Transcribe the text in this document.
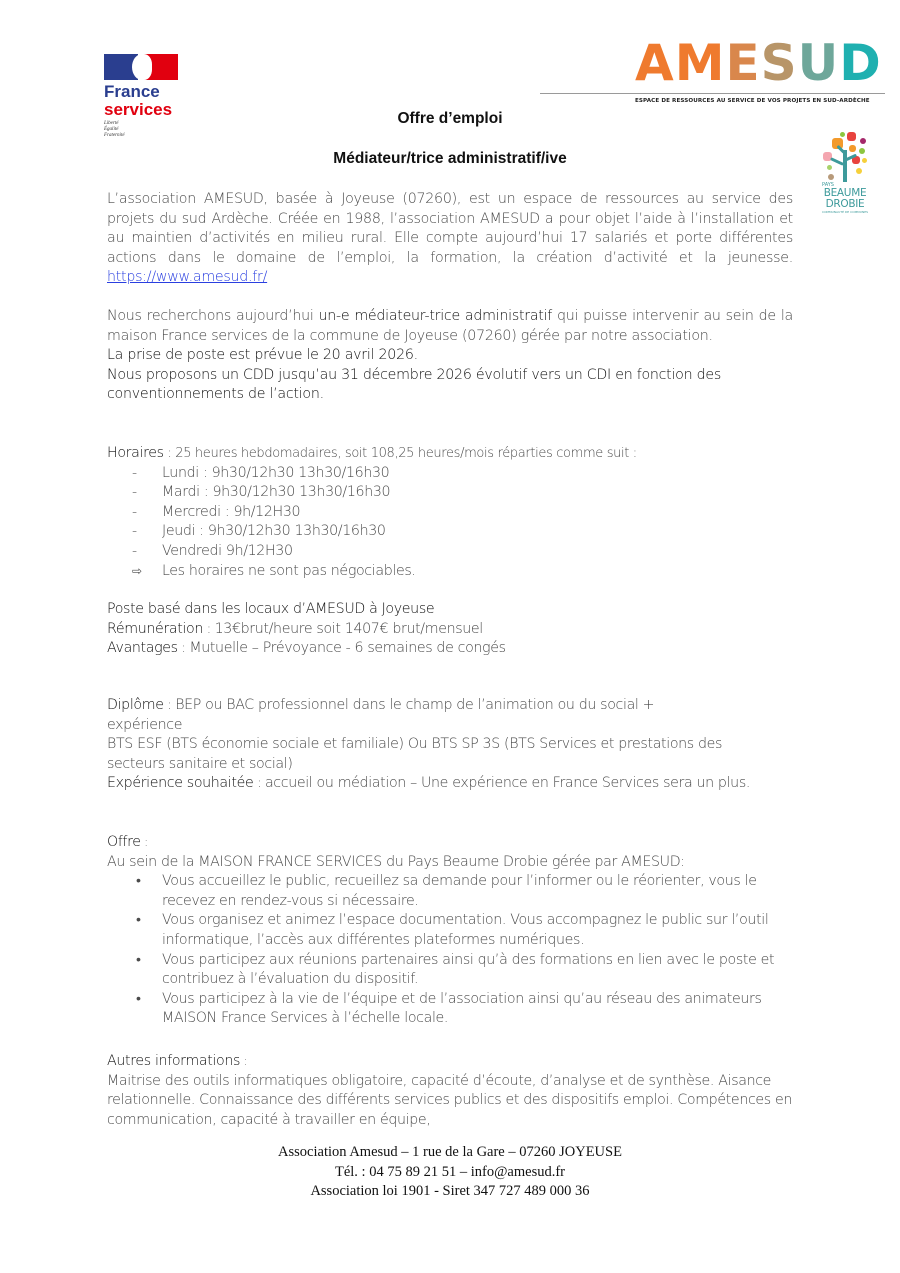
France
services
Liberté
Égalité
Fraternité
AMESUD
ESPACE DE RESSOURCES AU SERVICE DE VOS PROJETS EN SUD-ARDÈCHE
PAYS
BEAUME
DROBIE
COMMUNAUTÉ DE COMMUNES
Offre d’emploi
Médiateur/trice administratif/ive
L’association AMESUD, basée à Joyeuse (07260), est un espace de ressources au service des projets du sud Ardèche. Créée en 1988, l’association AMESUD a pour objet l’aide à l’installation et au maintien d’activités en milieu rural. Elle compte aujourd’hui 17 salariés et porte différentes actions dans le domaine de l’emploi, la formation, la création d’activité et la jeunesse. https://www.amesud.fr/
Nous recherchons aujourd’hui un-e médiateur-trice administratif qui puisse intervenir au sein de la maison France services de la commune de Joyeuse (07260) gérée par notre association.
La prise de poste est prévue le 20 avril 2026.
Nous proposons un CDD jusqu’au 31 décembre 2026 évolutif vers un CDI en fonction des conventionnements de l’action.
Horaires : 25 heures hebdomadaires, soit 108,25 heures/mois réparties comme suit :
-	Lundi : 9h30/12h30 13h30/16h30
-	Mardi : 9h30/12h30 13h30/16h30
-	Mercredi : 9h/12H30
-	Jeudi : 9h30/12h30 13h30/16h30
-	Vendredi 9h/12H30
⇨	Les horaires ne sont pas négociables.
Poste basé dans les locaux d’AMESUD à Joyeuse
Rémunération : 13€brut/heure soit 1407€ brut/mensuel
Avantages : Mutuelle – Prévoyance - 6 semaines de congés
Diplôme : BEP ou BAC professionnel dans le champ de l’animation ou du social + expérience
BTS ESF (BTS économie sociale et familiale) Ou BTS SP 3S (BTS Services et prestations des secteurs sanitaire et social)
Expérience souhaitée : accueil ou médiation – Une expérience en France Services sera un plus.
Offre :
Au sein de la MAISON FRANCE SERVICES du Pays Beaume Drobie gérée par AMESUD:
• Vous accueillez le public, recueillez sa demande pour l’informer ou le réorienter, vous le recevez en rendez-vous si nécessaire.
• Vous organisez et animez l’espace documentation. Vous accompagnez le public sur l’outil informatique, l’accès aux différentes plateformes numériques.
• Vous participez aux réunions partenaires ainsi qu’à des formations en lien avec le poste et contribuez à l’évaluation du dispositif.
• Vous participez à la vie de l’équipe et de l’association ainsi qu’au réseau des animateurs MAISON France Services à l’échelle locale.
Autres informations :
Maitrise des outils informatiques obligatoire, capacité d’écoute, d’analyse et de synthèse. Aisance relationnelle. Connaissance des différents services publics et des dispositifs emploi. Compétences en communication, capacité à travailler en équipe,
Association Amesud – 1 rue de la Gare – 07260 JOYEUSE
Tél. : 04 75 89 21 51 – info@amesud.fr
Association loi 1901 - Siret 347 727 489 000 36
